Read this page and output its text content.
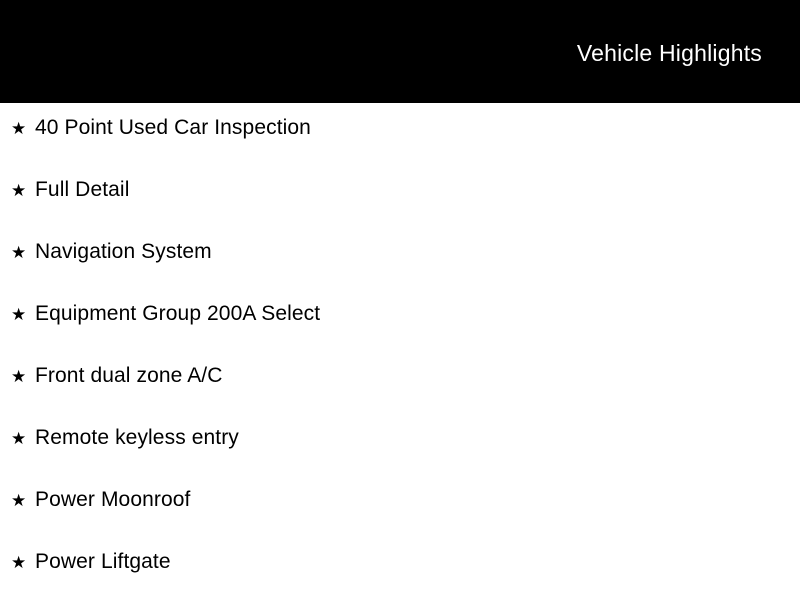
Vehicle Highlights
★ 40 Point Used Car Inspection
★ Full Detail
★ Navigation System
★ Equipment Group 200A Select
★ Front dual zone A/C
★ Remote keyless entry
★ Power Moonroof
★ Power Liftgate
